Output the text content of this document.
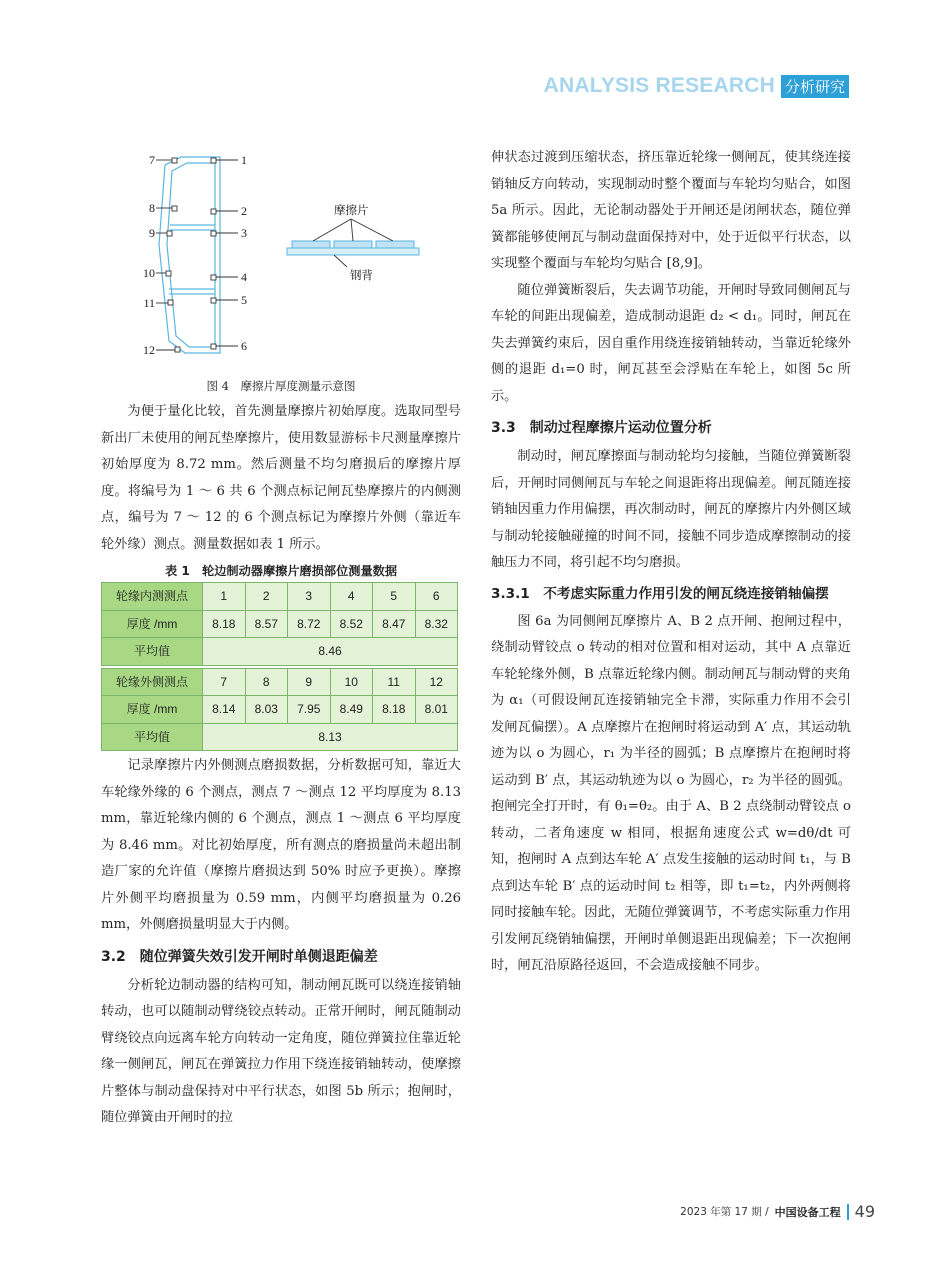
ANALYSIS RESEARCH 分析研究
7
8
9
10
11
12
1
2
3
4
5
6
摩擦片
钢背
图 4　摩擦片厚度测量示意图

为便于量化比较，首先测量摩擦片初始厚度。选取同型号新出厂未使用的闸瓦垫摩擦片，使用数显游标卡尺测量摩擦片初始厚度为 8.72 mm。然后测量不均匀磨损后的摩擦片厚度。将编号为 1 ～ 6 共 6 个测点标记闸瓦垫摩擦片的内侧测点，编号为 7 ～ 12 的 6 个测点标记为摩擦片外侧（靠近车轮外缘）测点。测量数据如表 1 所示。

表 1　轮边制动器摩擦片磨损部位测量数据
轮缘内测测点	1	2	3	4	5	6
厚度 /mm	8.18	8.57	8.72	8.52	8.47	8.32
平均值	8.46					
轮缘外侧测点	7	8	9	10	11	12
厚度 /mm	8.14	8.03	7.95	8.49	8.18	8.01
平均值	8.13					

记录摩擦片内外侧测点磨损数据，分析数据可知，靠近大车轮缘外缘的 6 个测点，测点 7 ～测点 12 平均厚度为 8.13 mm，靠近轮缘内侧的 6 个测点，测点 1 ～测点 6 平均厚度为 8.46 mm。对比初始厚度，所有测点的磨损量尚未超出制造厂家的允许值（摩擦片磨损达到 50% 时应予更换）。摩擦片外侧平均磨损量为 0.59 mm，内侧平均磨损量为 0.26 mm，外侧磨损量明显大于内侧。

3.2　随位弹簧失效引发开闸时单侧退距偏差

分析轮边制动器的结构可知，制动闸瓦既可以绕连接销轴转动，也可以随制动臂绕铰点转动。正常开闸时，闸瓦随制动臂绕铰点向远离车轮方向转动一定角度，随位弹簧拉住靠近轮缘一侧闸瓦，闸瓦在弹簧拉力作用下绕连接销轴转动，使摩擦片整体与制动盘保持对中平行状态，如图 5b 所示；抱闸时，随位弹簧由开闸时的拉

伸状态过渡到压缩状态，挤压靠近轮缘一侧闸瓦，使其绕连接销轴反方向转动，实现制动时整个覆面与车轮均匀贴合，如图 5a 所示。因此，无论制动器处于开闸还是闭闸状态，随位弹簧都能够使闸瓦与制动盘面保持对中，处于近似平行状态，以实现整个覆面与车轮均匀贴合 [8,9]。

随位弹簧断裂后，失去调节功能，开闸时导致同侧闸瓦与车轮的间距出现偏差，造成制动退距 d₂ < d₁。同时，闸瓦在失去弹簧约束后，因自重作用绕连接销轴转动，当靠近轮缘外侧的退距 d₁=0 时，闸瓦甚至会浮贴在车轮上，如图 5c 所示。

3.3　制动过程摩擦片运动位置分析

制动时，闸瓦摩擦面与制动轮均匀接触，当随位弹簧断裂后，开闸时同侧闸瓦与车轮之间退距将出现偏差。闸瓦随连接销轴因重力作用偏摆，再次制动时，闸瓦的摩擦片内外侧区域与制动轮接触碰撞的时间不同，接触不同步造成摩擦制动的接触压力不同，将引起不均匀磨损。

3.3.1　不考虑实际重力作用引发的闸瓦绕连接销轴偏摆

图 6a 为同侧闸瓦摩擦片 A、B 2 点开闸、抱闸过程中，绕制动臂铰点 o 转动的相对位置和相对运动，其中 A 点靠近车轮轮缘外侧，B 点靠近轮缘内侧。制动闸瓦与制动臂的夹角为 α₁（可假设闸瓦连接销轴完全卡滞，实际重力作用不会引发闸瓦偏摆）。A 点摩擦片在抱闸时将运动到 A′ 点，其运动轨迹为以 o 为圆心，r₁ 为半径的圆弧；B 点摩擦片在抱闸时将运动到 B′ 点，其运动轨迹为以 o 为圆心，r₂ 为半径的圆弧。抱闸完全打开时，有 θ₁=θ₂。由于 A、B 2 点绕制动臂铰点 o 转动，二者角速度 w 相同，根据角速度公式 w=dθ/dt 可知，抱闸时 A 点到达车轮 A′ 点发生接触的运动时间 t₁，与 B 点到达车轮 B′ 点的运动时间 t₂ 相等，即 t₁=t₂，内外两侧将同时接触车轮。因此，无随位弹簧调节，不考虑实际重力作用引发闸瓦绕销轴偏摆，开闸时单侧退距出现偏差；下一次抱闸时，闸瓦沿原路径返回，不会造成接触不同步。

2023 年第 17 期 / 中国设备工程 49
